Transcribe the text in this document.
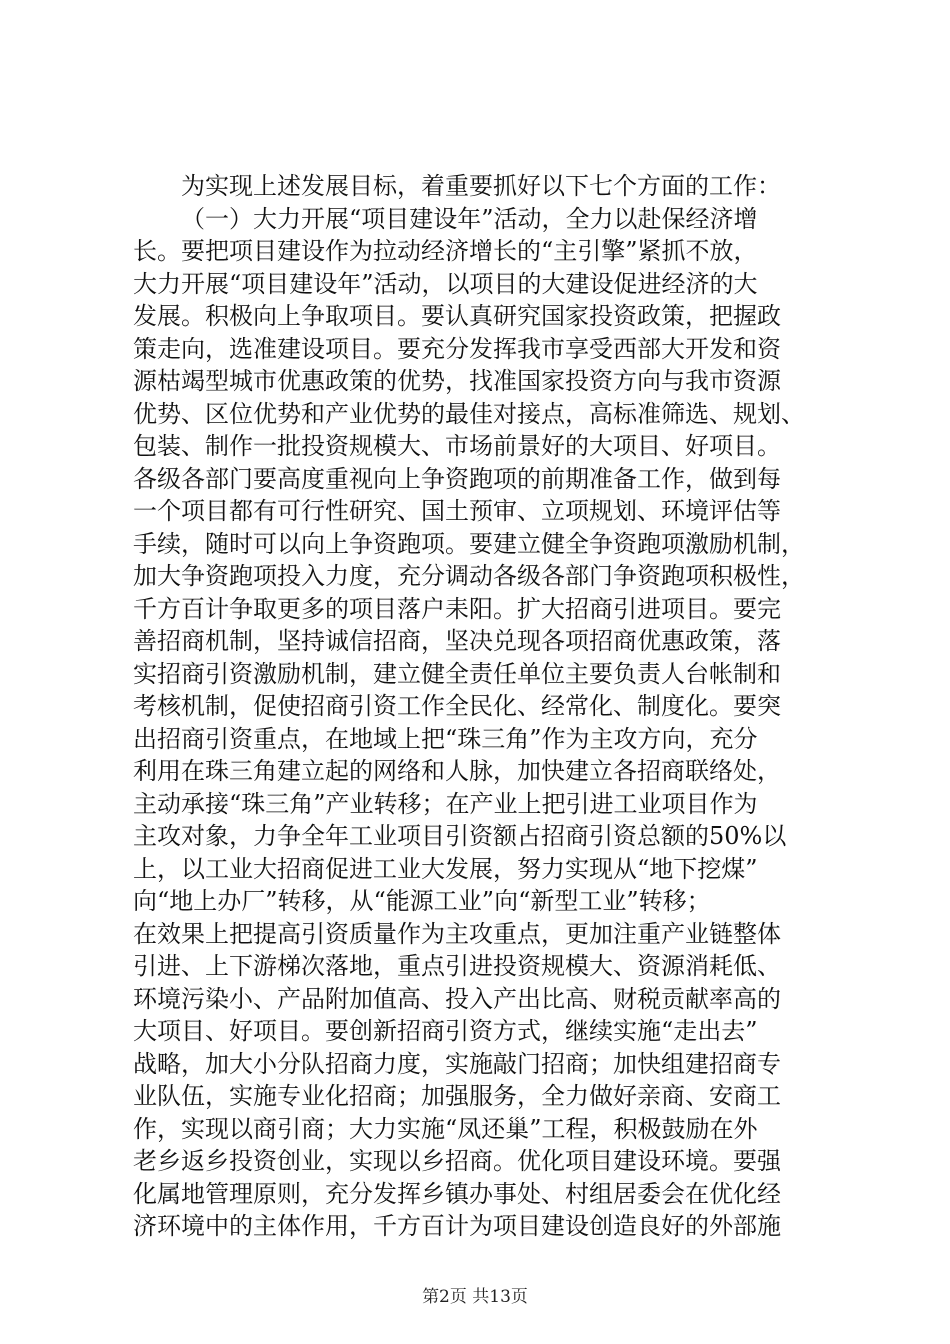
为实现上述发展目标，着重要抓好以下七个方面的工作：
（一）大力开展“项目建设年”活动，全力以赴保经济增
长。要把项目建设作为拉动经济增长的“主引擎”紧抓不放，
大力开展“项目建设年”活动，以项目的大建设促进经济的大
发展。积极向上争取项目。要认真研究国家投资政策，把握政
策走向，选准建设项目。要充分发挥我市享受西部大开发和资
源枯竭型城市优惠政策的优势，找准国家投资方向与我市资源
优势、区位优势和产业优势的最佳对接点，高标准筛选、规划、
包装、制作一批投资规模大、市场前景好的大项目、好项目。
各级各部门要高度重视向上争资跑项的前期准备工作，做到每
一个项目都有可行性研究、国土预审、立项规划、环境评估等
手续，随时可以向上争资跑项。要建立健全争资跑项激励机制，
加大争资跑项投入力度，充分调动各级各部门争资跑项积极性，
千方百计争取更多的项目落户耒阳。扩大招商引进项目。要完
善招商机制，坚持诚信招商，坚决兑现各项招商优惠政策，落
实招商引资激励机制，建立健全责任单位主要负责人台帐制和
考核机制，促使招商引资工作全民化、经常化、制度化。要突
出招商引资重点，在地域上把“珠三角”作为主攻方向，充分
利用在珠三角建立起的网络和人脉，加快建立各招商联络处，
主动承接“珠三角”产业转移；在产业上把引进工业项目作为
主攻对象，力争全年工业项目引资额占招商引资总额的50%以
上，以工业大招商促进工业大发展，努力实现从“地下挖煤”
向“地上办厂”转移，从“能源工业”向“新型工业”转移；
在效果上把提高引资质量作为主攻重点，更加注重产业链整体
引进、上下游梯次落地，重点引进投资规模大、资源消耗低、
环境污染小、产品附加值高、投入产出比高、财税贡献率高的
大项目、好项目。要创新招商引资方式，继续实施“走出去”
战略，加大小分队招商力度，实施敲门招商；加快组建招商专
业队伍，实施专业化招商；加强服务，全力做好亲商、安商工
作，实现以商引商；大力实施“凤还巢”工程，积极鼓励在外
老乡返乡投资创业，实现以乡招商。优化项目建设环境。要强
化属地管理原则，充分发挥乡镇办事处、村组居委会在优化经
济环境中的主体作用，千方百计为项目建设创造良好的外部施
第2页 共13页
